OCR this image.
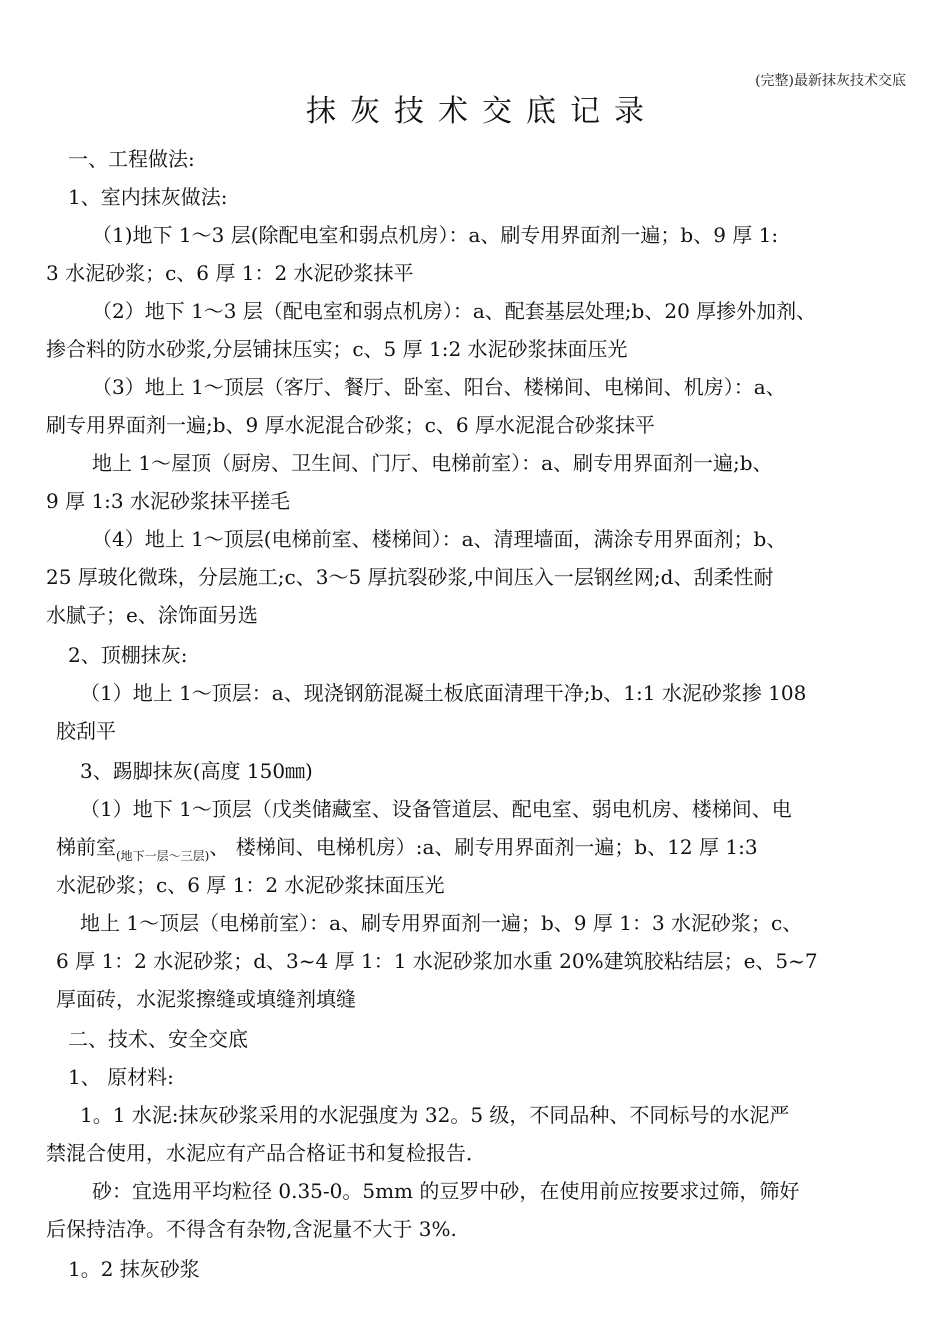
(完整)最新抹灰技术交底
抹灰技术交底记录
一、工程做法:
1、室内抹灰做法:
（1)地下 1～3 层(除配电室和弱点机房）：a、刷专用界面剂一遍；b、9 厚 1:
3 水泥砂浆；c、6 厚 1：2 水泥砂浆抹平
（2）地下 1～3 层（配电室和弱点机房）：a、配套基层处理;b、20 厚掺外加剂、
掺合料的防水砂浆,分层铺抹压实；c、5 厚 1:2 水泥砂浆抹面压光
（3）地上 1～顶层（客厅、餐厅、卧室、阳台、楼梯间、电梯间、机房）：a、
刷专用界面剂一遍;b、9 厚水泥混合砂浆；c、6 厚水泥混合砂浆抹平
地上 1～屋顶（厨房、卫生间、门厅、电梯前室）：a、刷专用界面剂一遍;b、
9 厚 1:3 水泥砂浆抹平搓毛
（4）地上 1～顶层(电梯前室、楼梯间）：a、清理墙面，满涂专用界面剂；b、
25 厚玻化微珠，分层施工;c、3～5 厚抗裂砂浆,中间压入一层钢丝网;d、刮柔性耐
水腻子；e、涂饰面另选
2、顶棚抹灰:
（1）地上 1～顶层：a、现浇钢筋混凝土板底面清理干净;b、1:1 水泥砂浆掺 108
胶刮平
3、踢脚抹灰(高度 150㎜)
（1）地下 1～顶层（戊类储藏室、设备管道层、配电室、弱电机房、楼梯间、电
梯前室$_{(地下一层\sim 三层)}$、 楼梯间、电梯机房）:a、刷专用界面剂一遍；b、12 厚 1:3
水泥砂浆；c、6 厚 1：2 水泥砂浆抹面压光
地上 1～顶层（电梯前室）：a、刷专用界面剂一遍；b、9 厚 1：3 水泥砂浆；c、
6 厚 1：2 水泥砂浆；d、3~4 厚 1：1 水泥砂浆加水重 20%建筑胶粘结层；e、5~7
厚面砖，水泥浆擦缝或填缝剂填缝
二、技术、安全交底
1、 原材料:
1。1 水泥:抹灰砂浆采用的水泥强度为 32。5 级，不同品种、不同标号的水泥严
禁混合使用，水泥应有产品合格证书和复检报告．
砂：宜选用平均粒径 0.35-0。5mm 的豆罗中砂，在使用前应按要求过筛，筛好
后保持洁净。不得含有杂物,含泥量不大于 3%.
1。2 抹灰砂浆
